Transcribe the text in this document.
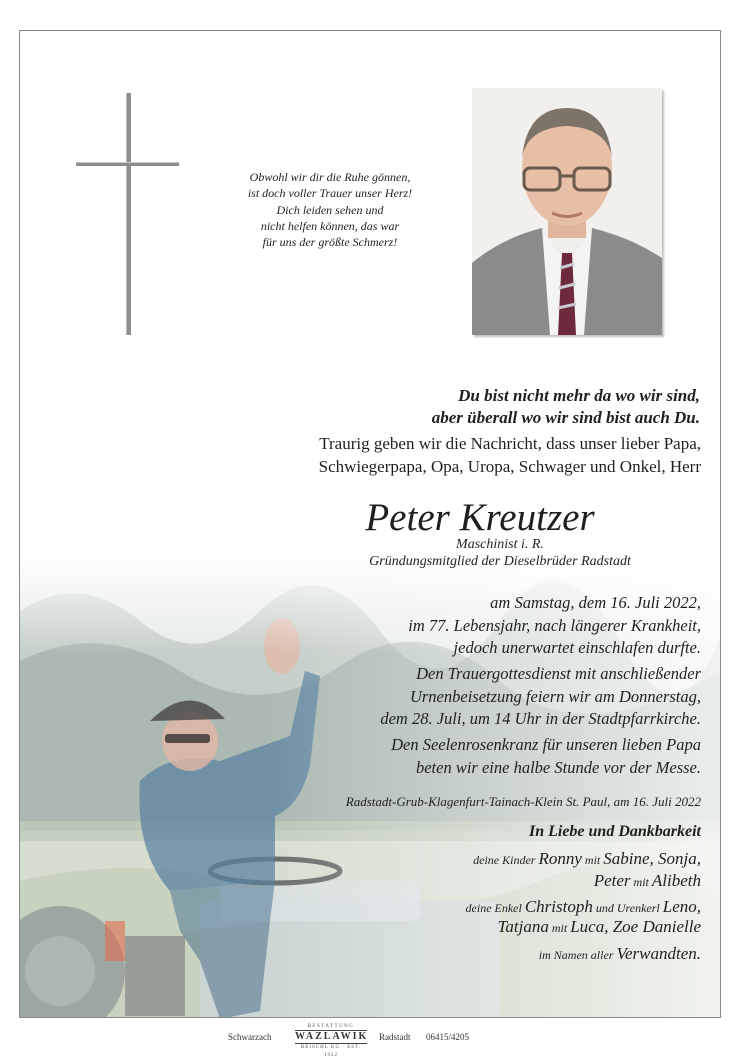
Obwohl wir dir die Ruhe gönnen,
ist doch voller Trauer unser Herz!
Dich leiden sehen und
nicht helfen können, das war
für uns der größte Schmerz!
Du bist nicht mehr da wo wir sind,
aber überall wo wir sind bist auch Du.
Traurig geben wir die Nachricht, dass unser lieber Papa,
Schwiegerpapa, Opa, Uropa, Schwager und Onkel, Herr
Peter Kreutzer
Maschinist i. R.
Gründungsmitglied der Dieselbrüder Radstadt
am Samstag, dem 16. Juli 2022,
im 77. Lebensjahr, nach längerer Krankheit,
jedoch unerwartet einschlafen durfte.
Den Trauergottesdienst mit anschließender
Urnenbeisetzung feiern wir am Donnerstag,
dem 28. Juli, um 14 Uhr in der Stadtpfarrkirche.
Den Seelenrosenkranz für unseren lieben Papa
beten wir eine halbe Stunde vor der Messe.
Radstadt-Grub-Klagenfurt-Tainach-Klein St. Paul, am 16. Juli 2022
In Liebe und Dankbarkeit
deine Kinder Ronny mit Sabine, Sonja,
Peter mit Alibeth
deine Enkel Christoph und Urenkerl Leno,
Tatjana mit Luca, Zoe Danielle
im Namen aller Verwandten.
Schwarzach
BESTATTUNG
WAZLAWIK
REISCHL KG · EST. 1922
Radstadt 06415/4205
